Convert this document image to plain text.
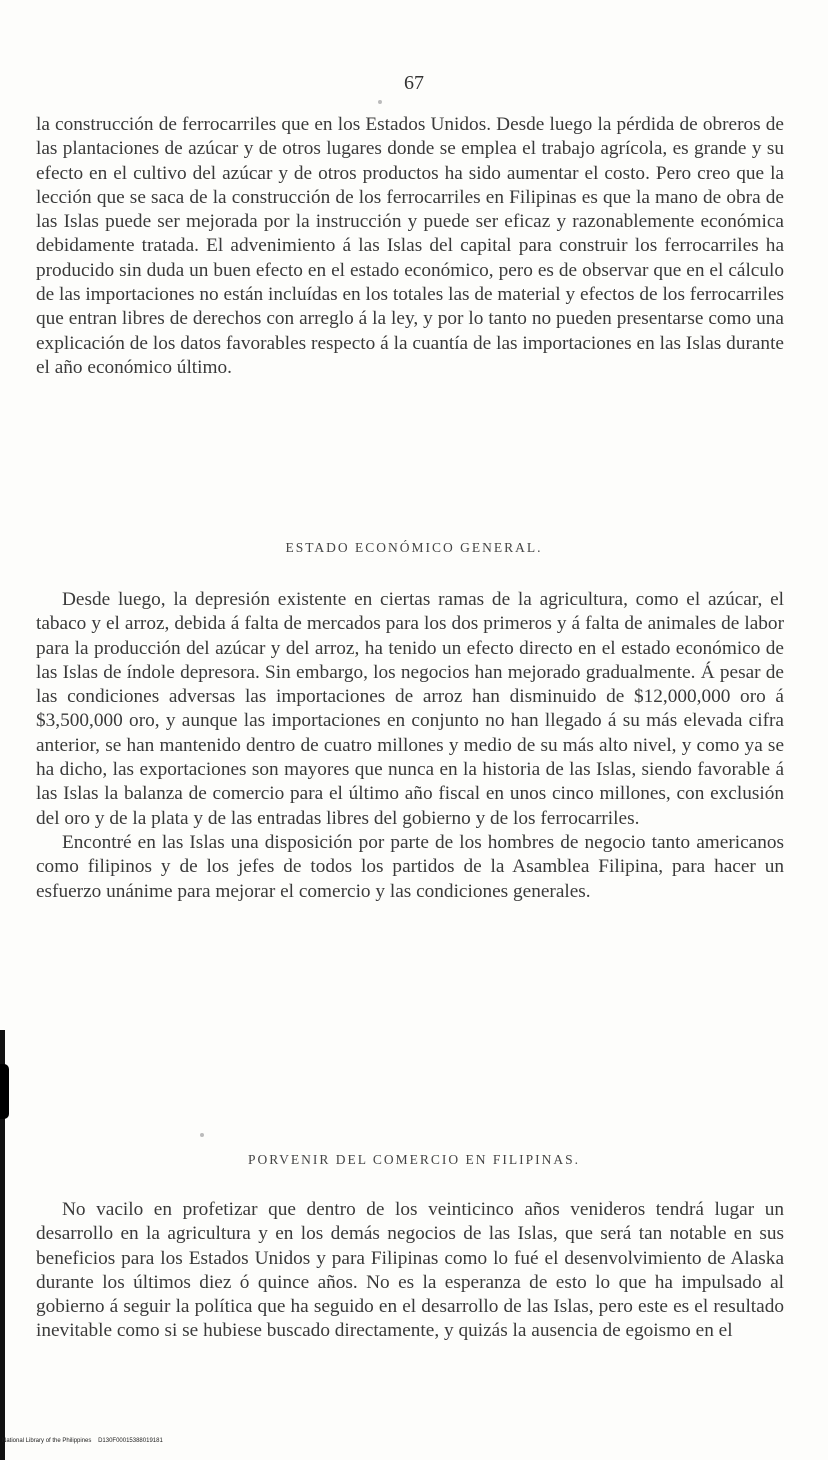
67

la construcción de ferrocarriles que en los Estados Unidos. Desde luego la pérdida de obreros de las plantaciones de azúcar y de otros lugares donde se emplea el trabajo agrícola, es grande y su efecto en el cultivo del azúcar y de otros productos ha sido aumentar el costo. Pero creo que la lección que se saca de la construcción de los ferrocarriles en Filipinas es que la mano de obra de las Islas puede ser mejorada por la instrucción y puede ser eficaz y razonablemente económica debidamente tratada. El advenimiento á las Islas del capital para construir los ferrocarriles ha producido sin duda un buen efecto en el estado económico, pero es de observar que en el cálculo de las importaciones no están incluídas en los totales las de material y efectos de los ferrocarriles que entran libres de derechos con arreglo á la ley, y por lo tanto no pueden presentarse como una explicación de los datos favorables respecto á la cuantía de las importaciones en las Islas durante el año económico último.

ESTADO ECONÓMICO GENERAL.

Desde luego, la depresión existente en ciertas ramas de la agricultura, como el azúcar, el tabaco y el arroz, debida á falta de mercados para los dos primeros y á falta de animales de labor para la producción del azúcar y del arroz, ha tenido un efecto directo en el estado económico de las Islas de índole depresora. Sin embargo, los negocios han mejorado gradualmente. Á pesar de las condiciones adversas las importaciones de arroz han disminuido de $12,000,000 oro á $3,500,000 oro, y aunque las importaciones en conjunto no han llegado á su más elevada cifra anterior, se han mantenido dentro de cuatro millones y medio de su más alto nivel, y como ya se ha dicho, las exportaciones son mayores que nunca en la historia de las Islas, siendo favorable á las Islas la balanza de comercio para el último año fiscal en unos cinco millones, con exclusión del oro y de la plata y de las entradas libres del gobierno y de los ferrocarriles.

Encontré en las Islas una disposición por parte de los hombres de negocio tanto americanos como filipinos y de los jefes de todos los partidos de la Asamblea Filipina, para hacer un esfuerzo unánime para mejorar el comercio y las condiciones generales.

PORVENIR DEL COMERCIO EN FILIPINAS.

No vacilo en profetizar que dentro de los veinticinco años venideros tendrá lugar un desarrollo en la agricultura y en los demás negocios de las Islas, que será tan notable en sus beneficios para los Estados Unidos y para Filipinas como lo fué el desenvolvimiento de Alaska durante los últimos diez ó quince años. No es la esperanza de esto lo que ha impulsado al gobierno á seguir la política que ha seguido en el desarrollo de las Islas, pero este es el resultado inevitable como si se hubiese buscado directamente, y quizás la ausencia de egoismo en el

National Library of the Philippines D130F00015388019181
